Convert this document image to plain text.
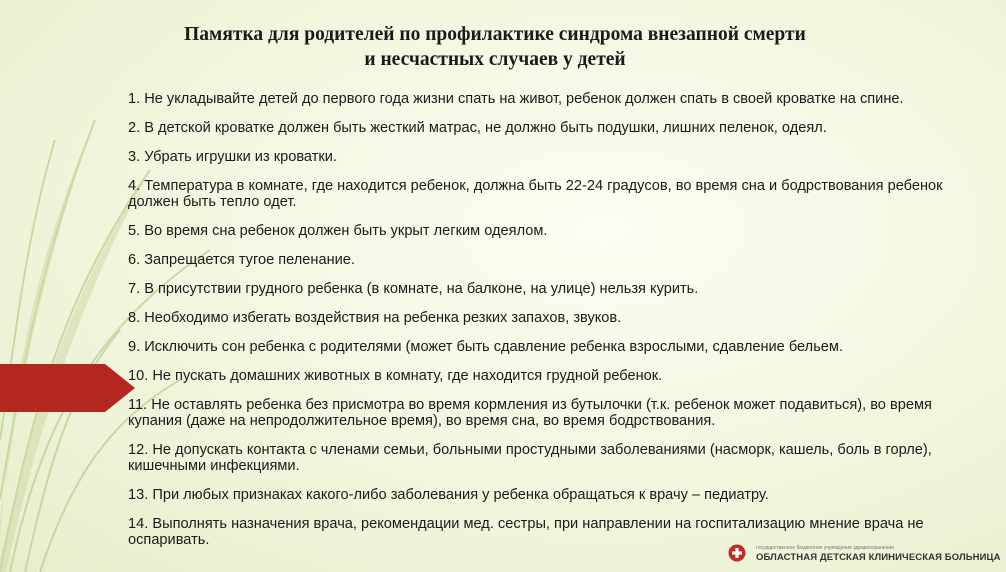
Памятка для родителей по профилактике синдрома внезапной смерти
и несчастных случаев у детей
1. Не укладывайте детей до первого года жизни спать на живот, ребенок должен спать в своей кроватке на спине.
2. В детской кроватке должен быть жесткий матрас, не должно быть подушки, лишних пеленок, одеял.
3. Убрать игрушки из кроватки.
4. Температура в комнате, где находится ребенок, должна быть 22-24 градусов, во время сна и бодрствования ребенок должен быть тепло одет.
5. Во время сна ребенок должен быть укрыт легким одеялом.
6. Запрещается тугое пеленание.
7. В присутствии грудного ребенка (в комнате, на балконе, на улице) нельзя курить.
8. Необходимо избегать воздействия на ребенка резких запахов, звуков.
9. Исключить сон ребенка с родителями (может быть сдавление ребенка взрослыми, сдавление бельем.
10. Не пускать домашних животных в комнату, где находится грудной ребенок.
11. Не оставлять ребенка без присмотра во время кормления из бутылочки (т.к. ребенок может подавиться), во время купания (даже на непродолжительное время), во время сна, во время бодрствования.
12. Не допускать контакта с членами семьи, больными простудными заболеваниями (насморк, кашель, боль в горле), кишечными инфекциями.
13. При любых признаках какого-либо заболевания у ребенка обращаться к врачу – педиатру.
14. Выполнять назначения врача, рекомендации мед. сестры, при направлении на госпитализацию мнение врача не оспаривать.	государственное бюджетное учреждение здравоохранения
ОБЛАСТНАЯ ДЕТСКАЯ КЛИНИЧЕСКАЯ БОЛЬНИЦА
